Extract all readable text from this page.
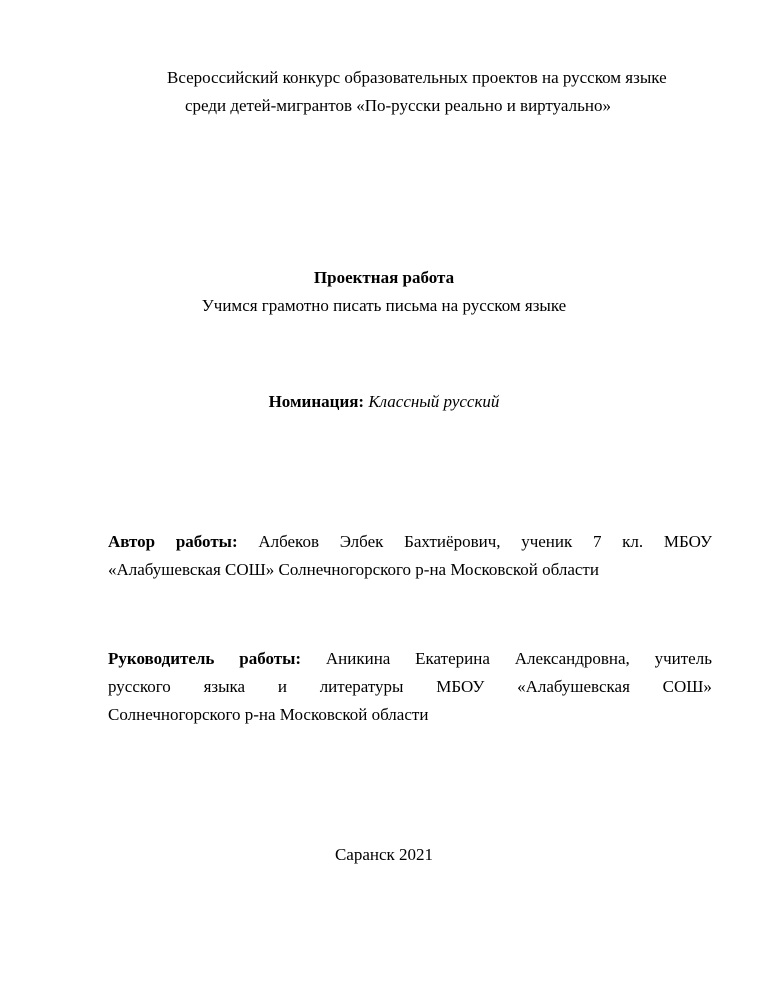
Всероссийский конкурс образовательных проектов на русском языке
среди детей-мигрантов «По-русски реально и виртуально»
Проектная работа
Учимся грамотно писать письма на русском языке
Номинация: Классный русский
Автор работы: Албеков Элбек Бахтиёрович, ученик 7 кл. МБОУ
«Алабушевская СОШ» Солнечногорского р-на Московской области
Руководитель работы: Аникина Екатерина Александровна, учитель
русского языка и литературы МБОУ «Алабушевская СОШ»
Солнечногорского р-на Московской области
Саранск 2021
